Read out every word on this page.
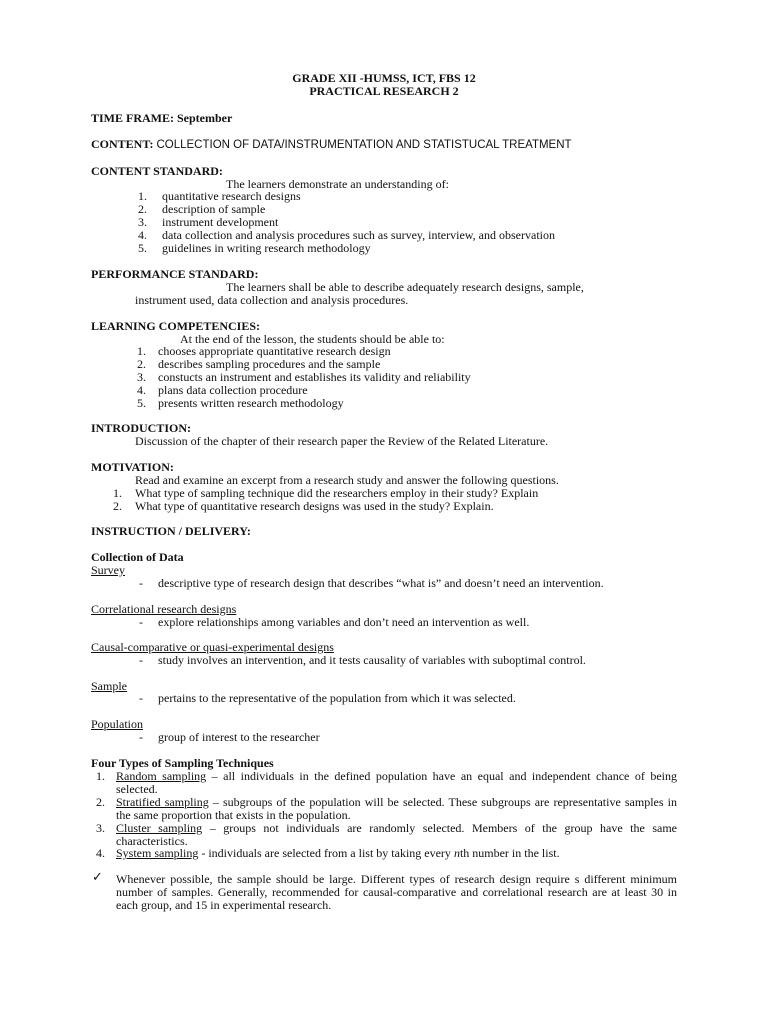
GRADE XII -HUMSS, ICT, FBS 12
PRACTICAL RESEARCH 2
TIME FRAME: September
CONTENT: COLLECTION OF DATA/INSTRUMENTATION AND STATISTUCAL TREATMENT
CONTENT STANDARD:
The learners demonstrate an understanding of:
1. quantitative research designs
2. description of sample
3. instrument development
4. data collection and analysis procedures such as survey, interview, and observation
5. guidelines in writing research methodology
PERFORMANCE STANDARD:
The learners shall be able to describe adequately research designs, sample,
instrument used, data collection and analysis procedures.
LEARNING COMPETENCIES:
At the end of the lesson, the students should be able to:
1. chooses appropriate quantitative research design
2. describes sampling procedures and the sample
3. constucts an instrument and establishes its validity and reliability
4. plans data collection procedure
5. presents written research methodology
INTRODUCTION:
Discussion of the chapter of their research paper the Review of the Related Literature.
MOTIVATION:
Read and examine an excerpt from a research study and answer the following questions.
1. What type of sampling technique did the researchers employ in their study? Explain
2. What type of quantitative research designs was used in the study? Explain.
INSTRUCTION / DELIVERY:
Collection of Data
Survey
- descriptive type of research design that describes “what is” and doesn’t need an intervention.
Correlational research designs
- explore relationships among variables and don’t need an intervention as well.
Causal-comparative or quasi-experimental designs
- study involves an intervention, and it tests causality of variables with suboptimal control.
Sample
- pertains to the representative of the population from which it was selected.
Population
- group of interest to the researcher
Four Types of Sampling Techniques
1. Random sampling – all individuals in the defined population have an equal and independent chance of being selected.
2. Stratified sampling – subgroups of the population will be selected. These subgroups are representative samples in the same proportion that exists in the population.
3. Cluster sampling – groups not individuals are randomly selected. Members of the group have the same characteristics.
4. System sampling - individuals are selected from a list by taking every nth number in the list.
✓ Whenever possible, the sample should be large. Different types of research design require s different minimum number of samples. Generally, recommended for causal-comparative and correlational research are at least 30 in each group, and 15 in experimental research.
